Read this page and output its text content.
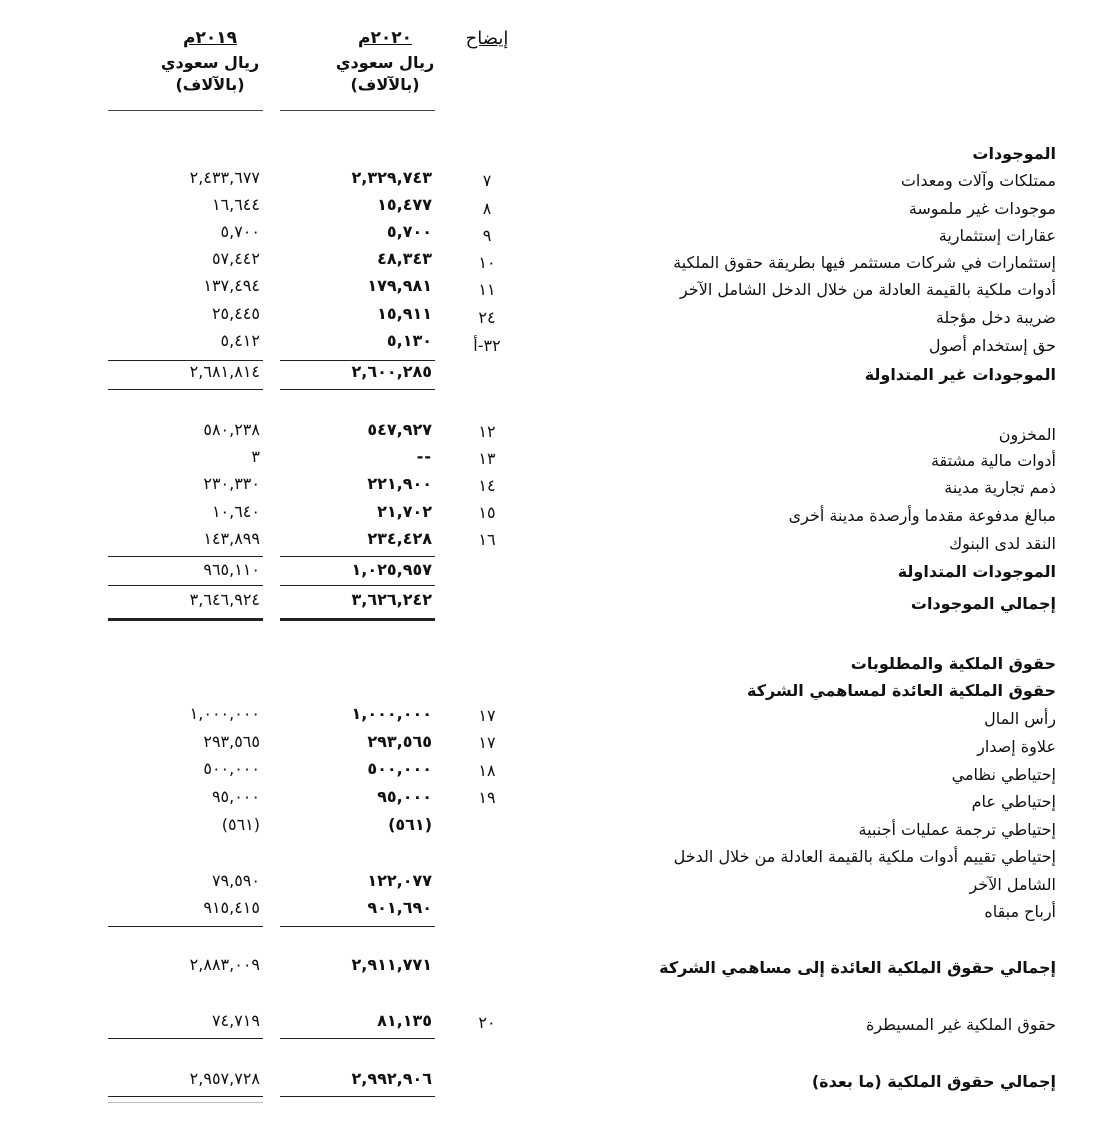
إيضاح
٢٠٢٠م
ريال سعودي
(بالآلاف)
٢٠١٩م
ريال سعودي
(بالآلاف)
الموجودات
ممتلكات وآلات ومعدات
٧
٢,٣٢٩,٧٤٣
٢,٤٣٣,٦٧٧
موجودات غير ملموسة
٨
١٥,٤٧٧
١٦,٦٤٤
عقارات إستثمارية
٩
٥,٧٠٠
٥,٧٠٠
إستثمارات في شركات مستثمر فيها بطريقة حقوق الملكية
١٠
٤٨,٣٤٣
٥٧,٤٤٢
أدوات ملكية بالقيمة العادلة من خلال الدخل الشامل الآخر
١١
١٧٩,٩٨١
١٣٧,٤٩٤
ضريبة دخل مؤجلة
٢٤
١٥,٩١١
٢٥,٤٤٥
حق إستخدام أصول
٣٢-أ
٥,١٣٠
٥,٤١٢
الموجودات غير المتداولة
٢,٦٠٠,٢٨٥
٢,٦٨١,٨١٤
المخزون
١٢
٥٤٧,٩٢٧
٥٨٠,٢٣٨
أدوات مالية مشتقة
١٣
--
٣
ذمم تجارية مدينة
١٤
٢٢١,٩٠٠
٢٣٠,٣٣٠
مبالغ مدفوعة مقدما وأرصدة مدينة أخرى
١٥
٢١,٧٠٢
١٠,٦٤٠
النقد لدى البنوك
١٦
٢٣٤,٤٢٨
١٤٣,٨٩٩
الموجودات المتداولة
١,٠٢٥,٩٥٧
٩٦٥,١١٠
إجمالي الموجودات
٣,٦٢٦,٢٤٢
٣,٦٤٦,٩٢٤
حقوق الملكية والمطلوبات
حقوق الملكية العائدة لمساهمي الشركة
رأس المال
١٧
١,٠٠٠,٠٠٠
١,٠٠٠,٠٠٠
علاوة إصدار
١٧
٢٩٣,٥٦٥
٢٩٣,٥٦٥
إحتياطي نظامي
١٨
٥٠٠,٠٠٠
٥٠٠,٠٠٠
إحتياطي عام
١٩
٩٥,٠٠٠
٩٥,٠٠٠
إحتياطي ترجمة عمليات أجنبية
(٥٦١)
(٥٦١)
إحتياطي تقييم أدوات ملكية بالقيمة العادلة من خلال الدخل
الشامل الآخر
١٢٢,٠٧٧
٧٩,٥٩٠
أرباح مبقاه
٩٠١,٦٩٠
٩١٥,٤١٥
إجمالي حقوق الملكية العائدة إلى مساهمي الشركة
٢,٩١١,٧٧١
٢,٨٨٣,٠٠٩
حقوق الملكية غير المسيطرة
٢٠
٨١,١٣٥
٧٤,٧١٩
إجمالي حقوق الملكية (ما بعدة)
٢,٩٩٢,٩٠٦
٢,٩٥٧,٧٢٨
